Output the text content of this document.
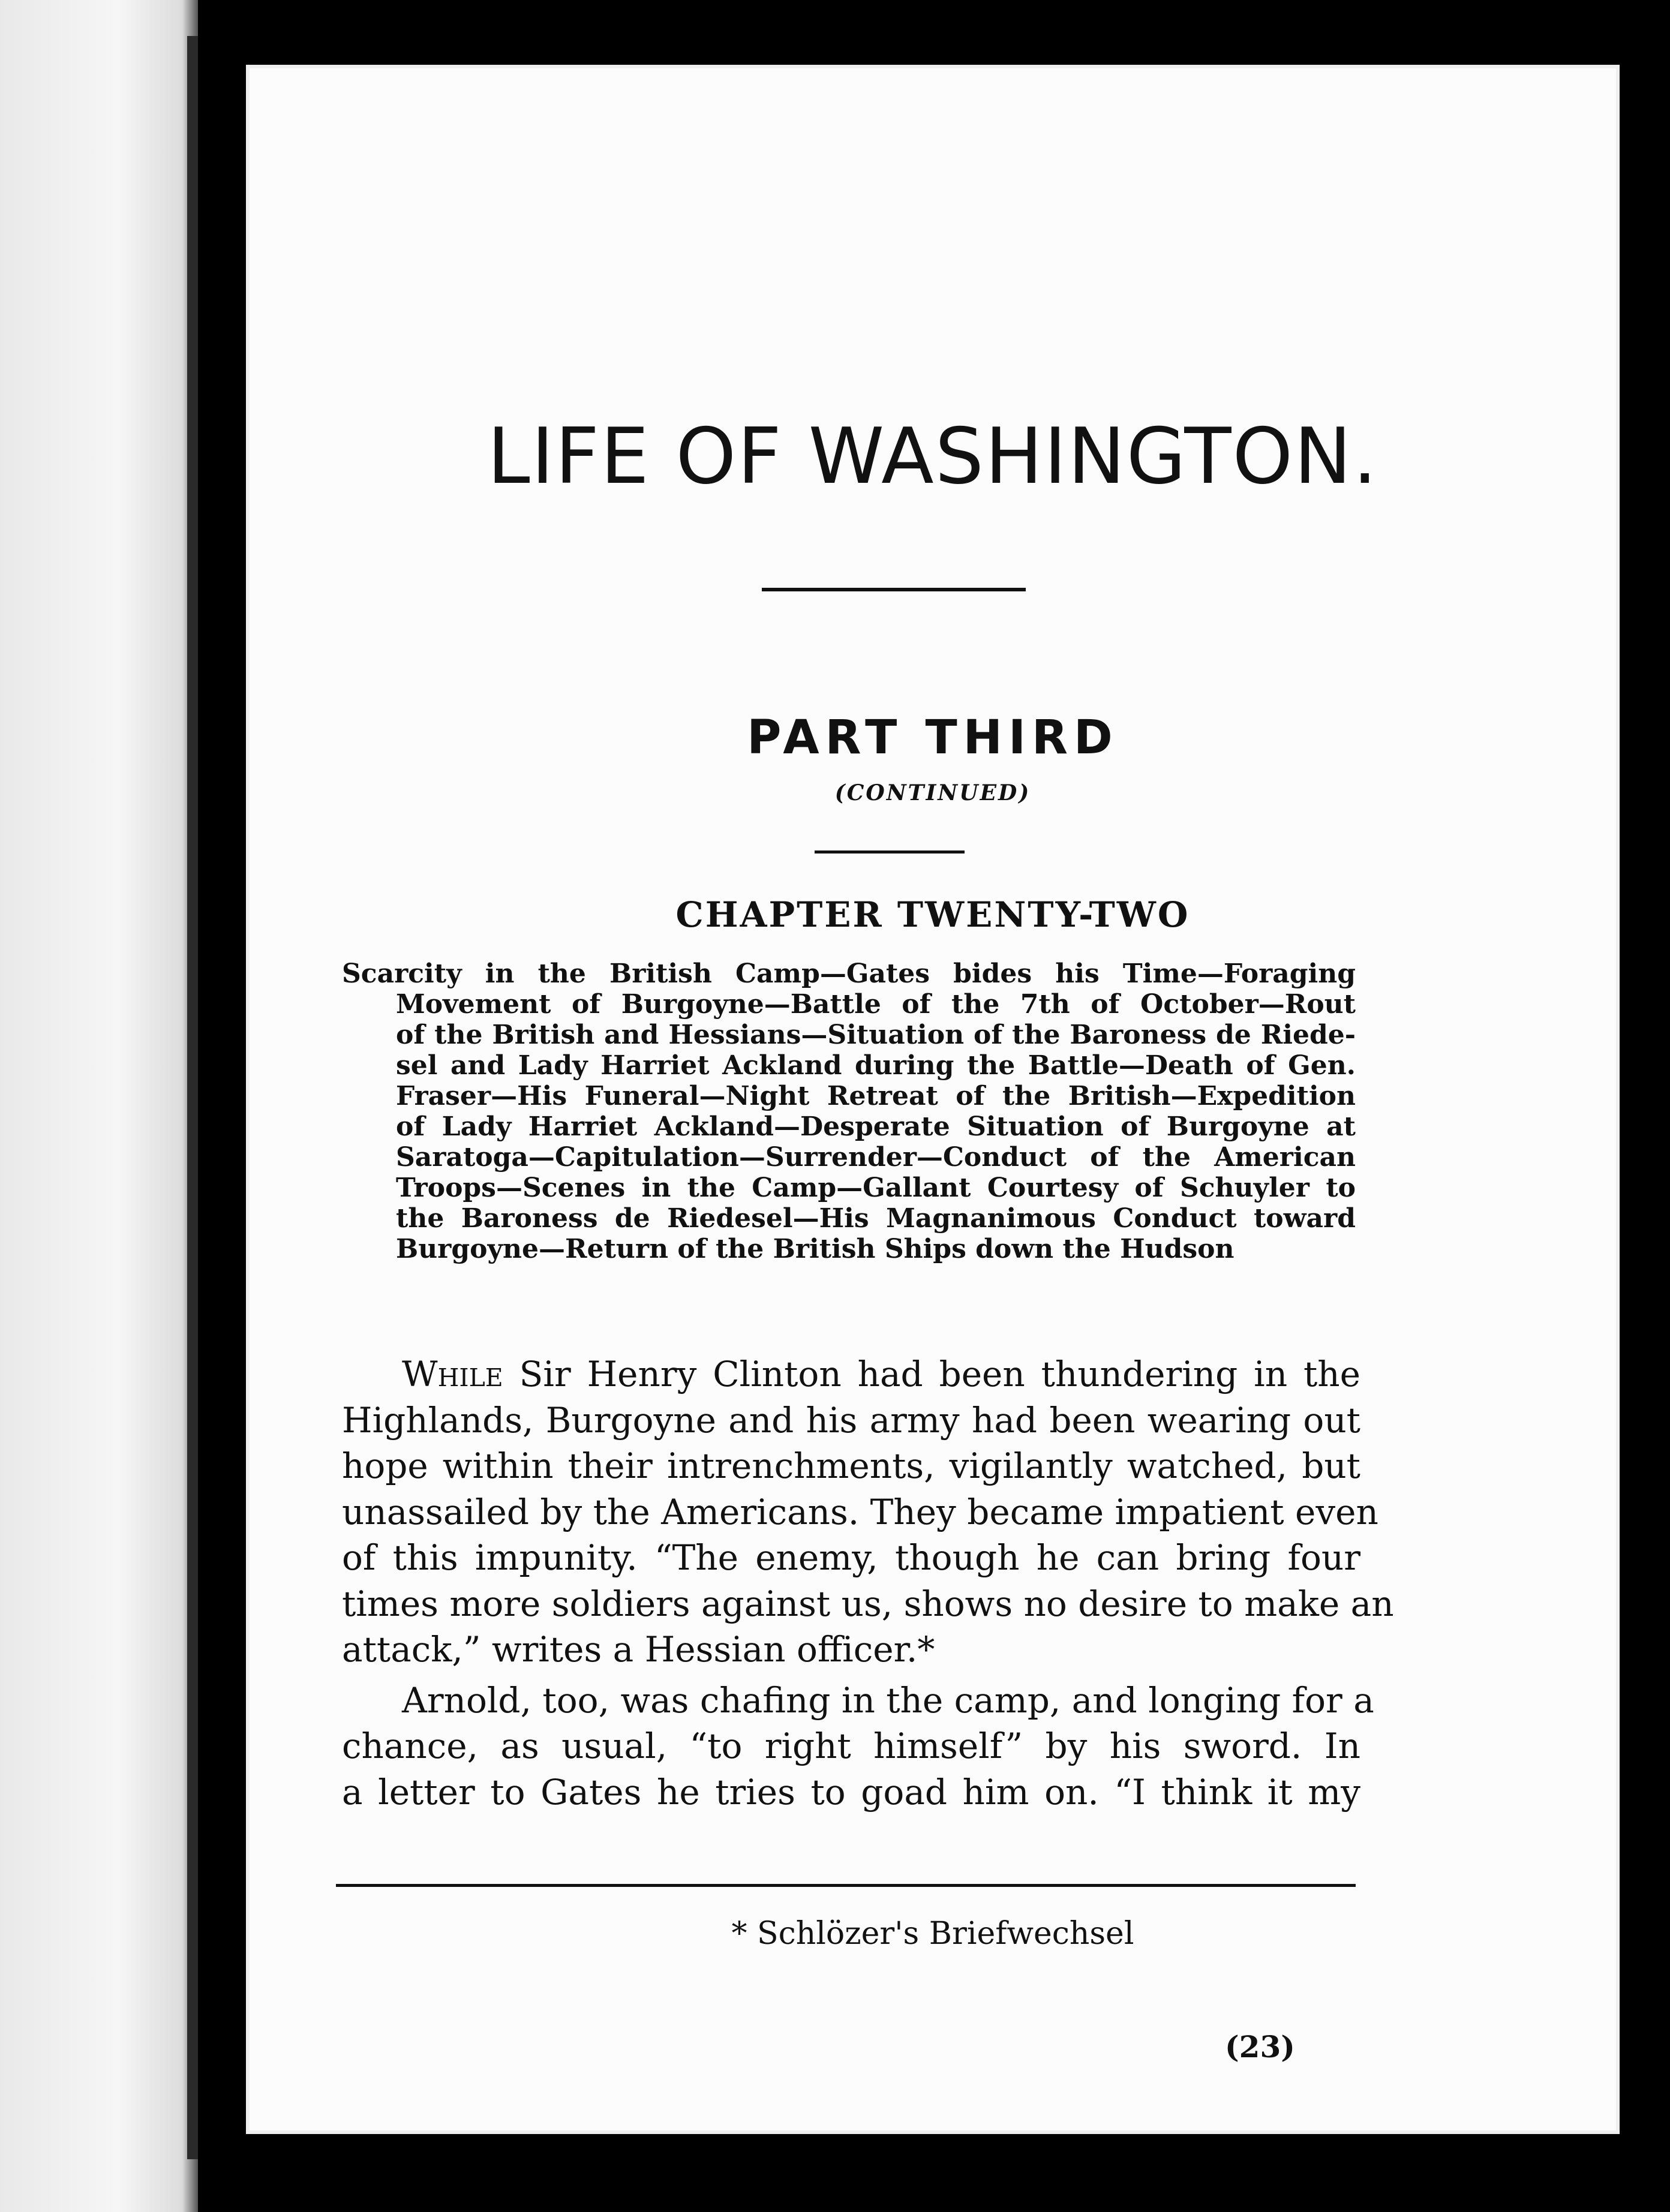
LIFE OF WASHINGTON.
PART THIRD
(CONTINUED)
CHAPTER TWENTY-TWO
Scarcity in the British Camp—Gates bides his Time—Foraging
Movement of Burgoyne—Battle of the 7th of October—Rout
of the British and Hessians—Situation of the Baroness de Riede-
sel and Lady Harriet Ackland during the Battle—Death of Gen.
Fraser—His Funeral—Night Retreat of the British—Expedition
of Lady Harriet Ackland—Desperate Situation of Burgoyne at
Saratoga—Capitulation—Surrender—Conduct of the American
Troops—Scenes in the Camp—Gallant Courtesy of Schuyler to
the Baroness de Riedesel—His Magnanimous Conduct toward
Burgoyne—Return of the British Ships down the Hudson
While Sir Henry Clinton had been thundering in the
Highlands, Burgoyne and his army had been wearing out
hope within their intrenchments, vigilantly watched, but
unassailed by the Americans. They became impatient even
of this impunity. “The enemy, though he can bring four
times more soldiers against us, shows no desire to make an
attack,” writes a Hessian officer.*
Arnold, too, was chafing in the camp, and longing for a
chance, as usual, “to right himself” by his sword. In
a letter to Gates he tries to goad him on. “I think it my
* Schlözer's Briefwechsel
(23)
